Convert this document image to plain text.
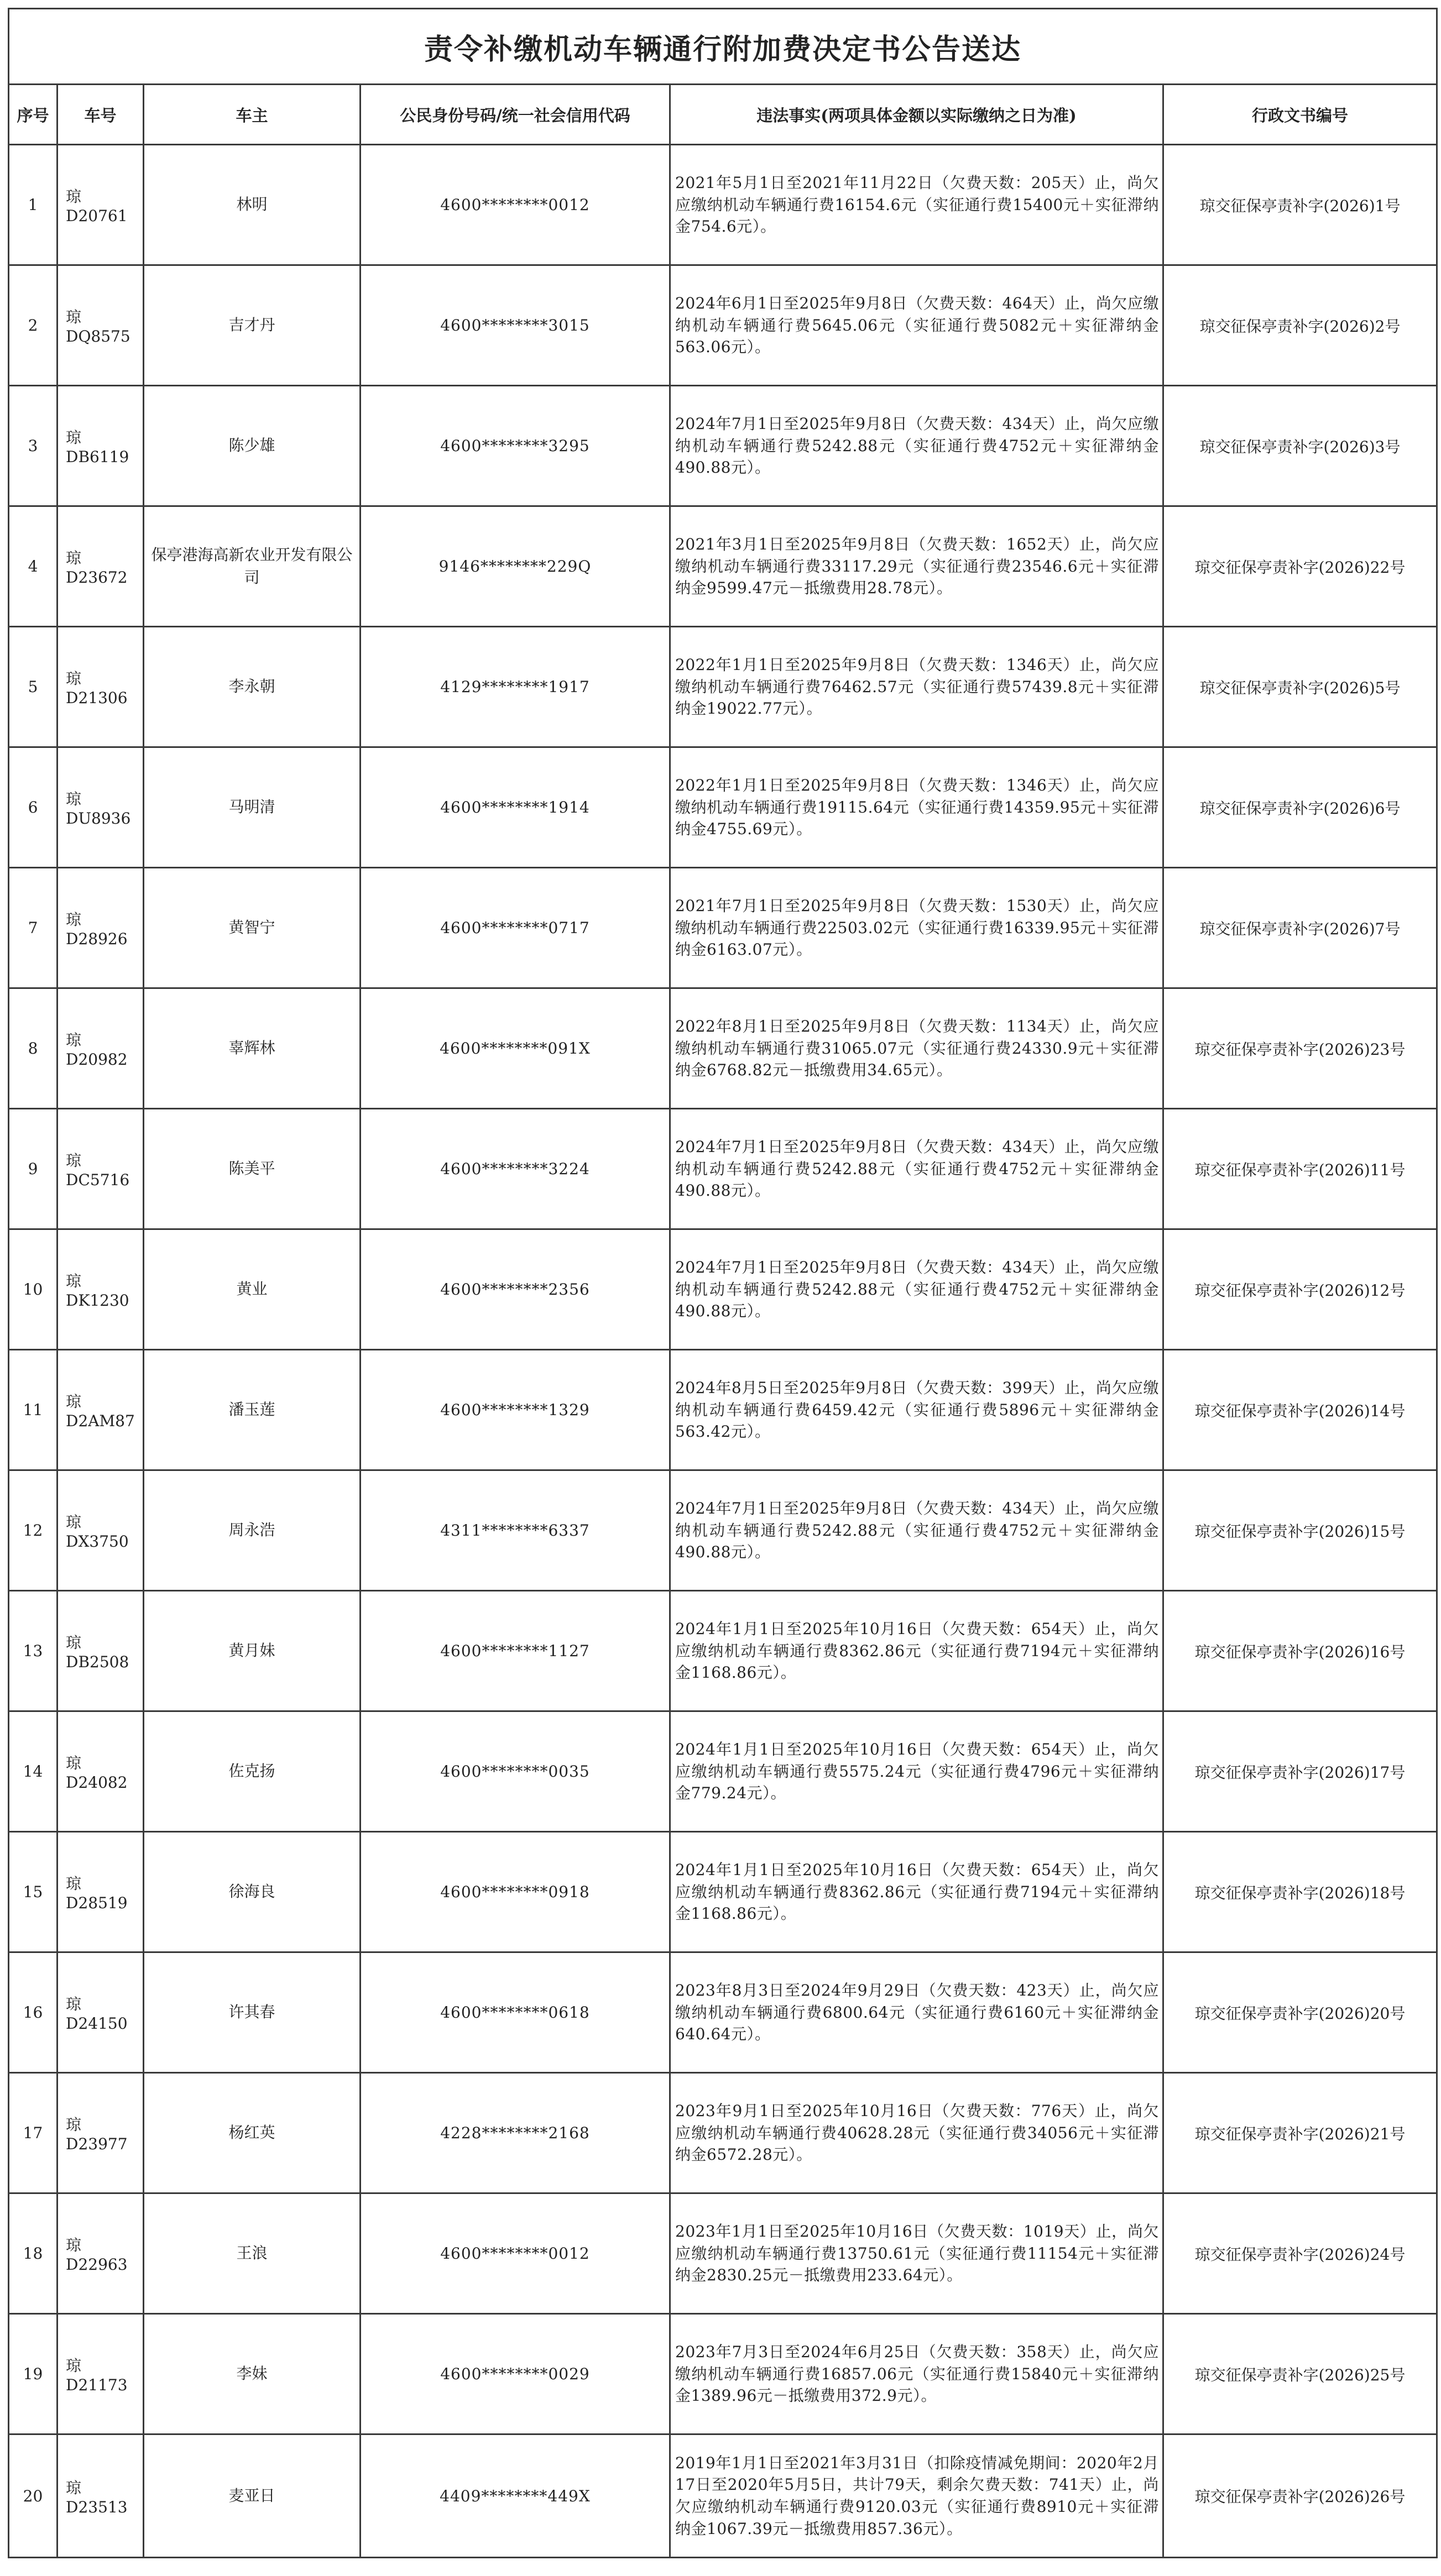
责令补缴机动车辆通行附加费决定书公告送达					
序号	车号	车主	公民身份号码/统一社会信用代码	违法事实(两项具体金额以实际缴纳之日为准)	行政文书编号
1	琼D20761	林明	4600********0012	2021年5月1日至2021年11月22日（欠费天数：205天）止，尚欠应缴纳机动车辆通行费16154.6元（实征通行费15400元＋实征滞纳金754.6元）。	琼交征保亭责补字(2026)1号
2	琼DQ8575	吉才丹	4600********3015	2024年6月1日至2025年9月8日（欠费天数：464天）止，尚欠应缴纳机动车辆通行费5645.06元（实征通行费5082元＋实征滞纳金563.06元）。	琼交征保亭责补字(2026)2号
3	琼DB6119	陈少雄	4600********3295	2024年7月1日至2025年9月8日（欠费天数：434天）止，尚欠应缴纳机动车辆通行费5242.88元（实征通行费4752元＋实征滞纳金490.88元）。	琼交征保亭责补字(2026)3号
4	琼D23672	保亭港海高新农业开发有限公司	9146********229Q	2021年3月1日至2025年9月8日（欠费天数：1652天）止，尚欠应缴纳机动车辆通行费33117.29元（实征通行费23546.6元＋实征滞纳金9599.47元－抵缴费用28.78元）。	琼交征保亭责补字(2026)22号
5	琼D21306	李永朝	4129********1917	2022年1月1日至2025年9月8日（欠费天数：1346天）止，尚欠应缴纳机动车辆通行费76462.57元（实征通行费57439.8元＋实征滞纳金19022.77元）。	琼交征保亭责补字(2026)5号
6	琼DU8936	马明清	4600********1914	2022年1月1日至2025年9月8日（欠费天数：1346天）止，尚欠应缴纳机动车辆通行费19115.64元（实征通行费14359.95元＋实征滞纳金4755.69元）。	琼交征保亭责补字(2026)6号
7	琼D28926	黄智宁	4600********0717	2021年7月1日至2025年9月8日（欠费天数：1530天）止，尚欠应缴纳机动车辆通行费22503.02元（实征通行费16339.95元＋实征滞纳金6163.07元）。	琼交征保亭责补字(2026)7号
8	琼D20982	辜辉林	4600********091X	2022年8月1日至2025年9月8日（欠费天数：1134天）止，尚欠应缴纳机动车辆通行费31065.07元（实征通行费24330.9元＋实征滞纳金6768.82元－抵缴费用34.65元）。	琼交征保亭责补字(2026)23号
9	琼DC5716	陈美平	4600********3224	2024年7月1日至2025年9月8日（欠费天数：434天）止，尚欠应缴纳机动车辆通行费5242.88元（实征通行费4752元＋实征滞纳金490.88元）。	琼交征保亭责补字(2026)11号
10	琼DK1230	黄业	4600********2356	2024年7月1日至2025年9月8日（欠费天数：434天）止，尚欠应缴纳机动车辆通行费5242.88元（实征通行费4752元＋实征滞纳金490.88元）。	琼交征保亭责补字(2026)12号
11	琼D2AM87	潘玉莲	4600********1329	2024年8月5日至2025年9月8日（欠费天数：399天）止，尚欠应缴纳机动车辆通行费6459.42元（实征通行费5896元＋实征滞纳金563.42元）。	琼交征保亭责补字(2026)14号
12	琼DX3750	周永浩	4311********6337	2024年7月1日至2025年9月8日（欠费天数：434天）止，尚欠应缴纳机动车辆通行费5242.88元（实征通行费4752元＋实征滞纳金490.88元）。	琼交征保亭责补字(2026)15号
13	琼DB2508	黄月妹	4600********1127	2024年1月1日至2025年10月16日（欠费天数：654天）止，尚欠应缴纳机动车辆通行费8362.86元（实征通行费7194元＋实征滞纳金1168.86元）。	琼交征保亭责补字(2026)16号
14	琼D24082	佐克扬	4600********0035	2024年1月1日至2025年10月16日（欠费天数：654天）止，尚欠应缴纳机动车辆通行费5575.24元（实征通行费4796元＋实征滞纳金779.24元）。	琼交征保亭责补字(2026)17号
15	琼D28519	徐海良	4600********0918	2024年1月1日至2025年10月16日（欠费天数：654天）止，尚欠应缴纳机动车辆通行费8362.86元（实征通行费7194元＋实征滞纳金1168.86元）。	琼交征保亭责补字(2026)18号
16	琼D24150	许其春	4600********0618	2023年8月3日至2024年9月29日（欠费天数：423天）止，尚欠应缴纳机动车辆通行费6800.64元（实征通行费6160元＋实征滞纳金640.64元）。	琼交征保亭责补字(2026)20号
17	琼D23977	杨红英	4228********2168	2023年9月1日至2025年10月16日（欠费天数：776天）止，尚欠应缴纳机动车辆通行费40628.28元（实征通行费34056元＋实征滞纳金6572.28元）。	琼交征保亭责补字(2026)21号
18	琼D22963	王浪	4600********0012	2023年1月1日至2025年10月16日（欠费天数：1019天）止，尚欠应缴纳机动车辆通行费13750.61元（实征通行费11154元＋实征滞纳金2830.25元－抵缴费用233.64元）。	琼交征保亭责补字(2026)24号
19	琼D21173	李妹	4600********0029	2023年7月3日至2024年6月25日（欠费天数：358天）止，尚欠应缴纳机动车辆通行费16857.06元（实征通行费15840元＋实征滞纳金1389.96元－抵缴费用372.9元）。	琼交征保亭责补字(2026)25号
20	琼D23513	麦亚日	4409********449X	2019年1月1日至2021年3月31日（扣除疫情减免期间：2020年2月17日至2020年5月5日，共计79天，剩余欠费天数：741天）止，尚欠应缴纳机动车辆通行费9120.03元（实征通行费8910元＋实征滞纳金1067.39元－抵缴费用857.36元）。	琼交征保亭责补字(2026)26号
